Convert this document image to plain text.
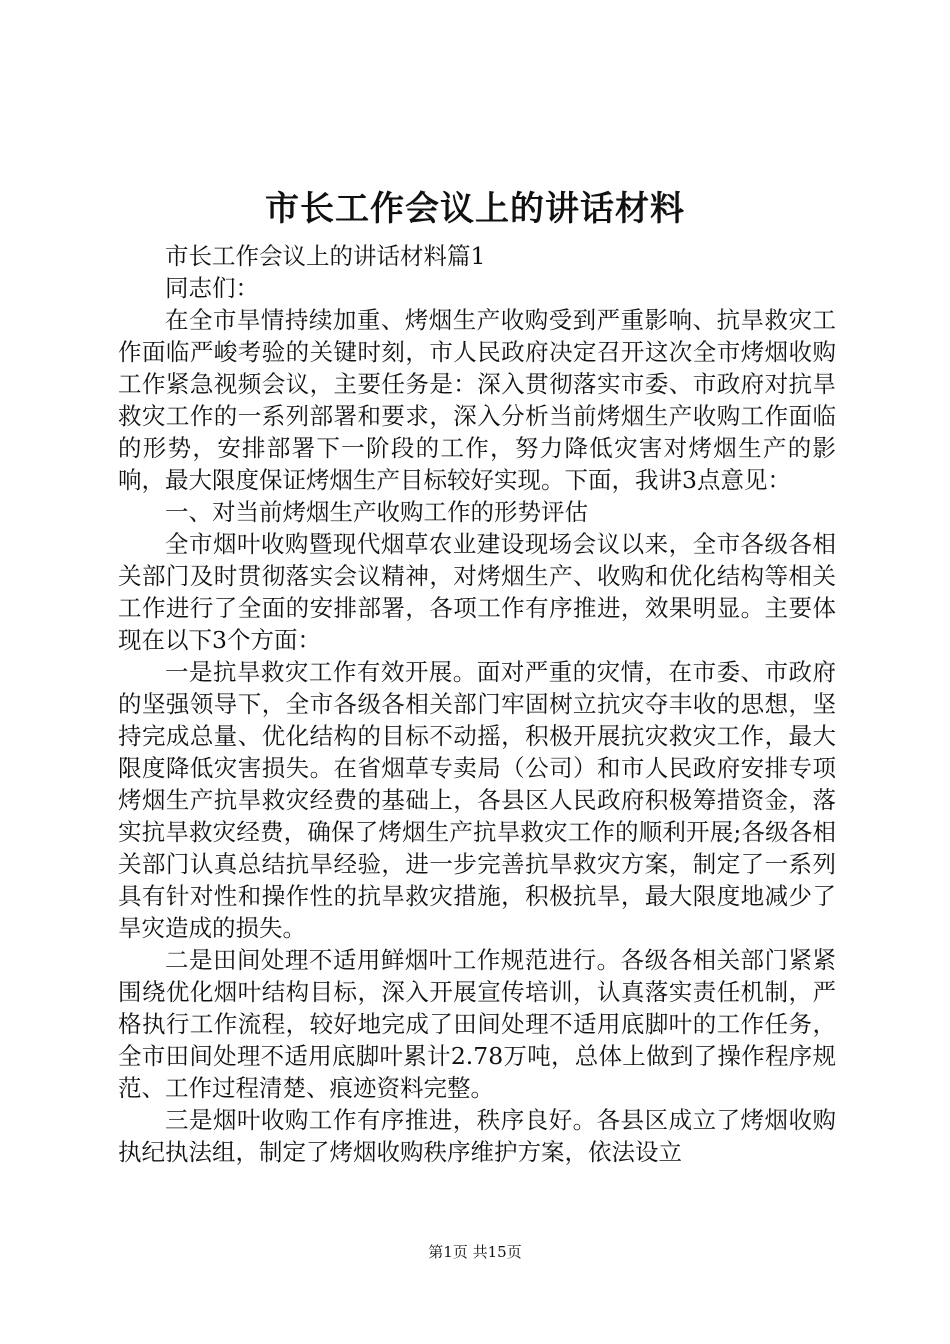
市长工作会议上的讲话材料

市长工作会议上的讲话材料篇1

同志们：

在全市旱情持续加重、烤烟生产收购受到严重影响、抗旱救灾工作面临严峻考验的关键时刻，市人民政府决定召开这次全市烤烟收购工作紧急视频会议，主要任务是：深入贯彻落实市委、市政府对抗旱救灾工作的一系列部署和要求，深入分析当前烤烟生产收购工作面临的形势，安排部署下一阶段的工作，努力降低灾害对烤烟生产的影响，最大限度保证烤烟生产目标较好实现。下面，我讲3点意见：

一、对当前烤烟生产收购工作的形势评估

全市烟叶收购暨现代烟草农业建设现场会议以来，全市各级各相关部门及时贯彻落实会议精神，对烤烟生产、收购和优化结构等相关工作进行了全面的安排部署，各项工作有序推进，效果明显。主要体现在以下3个方面：

一是抗旱救灾工作有效开展。面对严重的灾情，在市委、市政府的坚强领导下，全市各级各相关部门牢固树立抗灾夺丰收的思想，坚持完成总量、优化结构的目标不动摇，积极开展抗灾救灾工作，最大限度降低灾害损失。在省烟草专卖局（公司）和市人民政府安排专项烤烟生产抗旱救灾经费的基础上，各县区人民政府积极筹措资金，落实抗旱救灾经费，确保了烤烟生产抗旱救灾工作的顺利开展;各级各相关部门认真总结抗旱经验，进一步完善抗旱救灾方案，制定了一系列具有针对性和操作性的抗旱救灾措施，积极抗旱，最大限度地减少了旱灾造成的损失。

二是田间处理不适用鲜烟叶工作规范进行。各级各相关部门紧紧围绕优化烟叶结构目标，深入开展宣传培训，认真落实责任机制，严格执行工作流程，较好地完成了田间处理不适用底脚叶的工作任务，全市田间处理不适用底脚叶累计2.78万吨，总体上做到了操作程序规范、工作过程清楚、痕迹资料完整。

三是烟叶收购工作有序推进，秩序良好。各县区成立了烤烟收购执纪执法组，制定了烤烟收购秩序维护方案，依法设立

第1页 共15页
